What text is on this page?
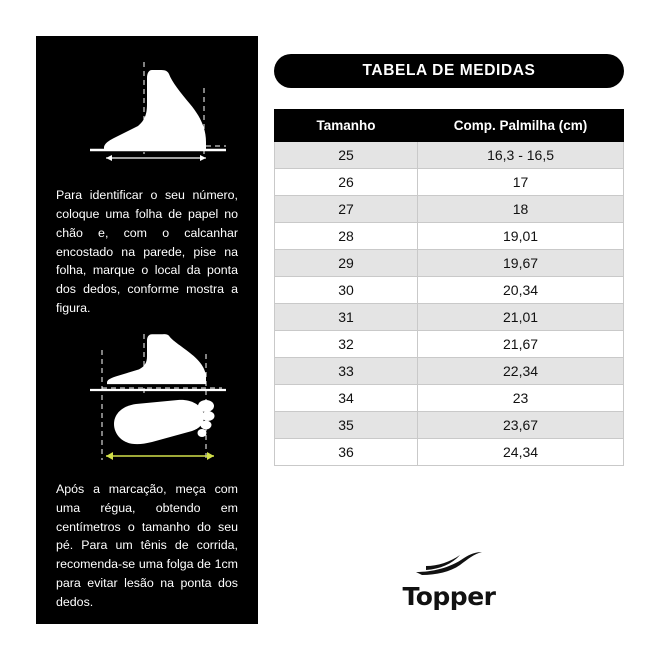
Para identificar o seu número, coloque uma folha de papel no chão e, com o calcanhar encostado na parede, pise na folha, marque o local da ponta dos dedos, conforme mostra a figura.
Após a marcação, meça com uma régua, obtendo em centímetros o tamanho do seu pé. Para um tênis de corrida, recomenda-se uma folga de 1cm para evitar lesão na ponta dos dedos.
TABELA DE MEDIDAS
Tamanho	Comp. Palmilha (cm)
25	16,3 - 16,5
26	17
27	18
28	19,01
29	19,67
30	20,34
31	21,01
32	21,67
33	22,34
34	23
35	23,67
36	24,34
Topper
